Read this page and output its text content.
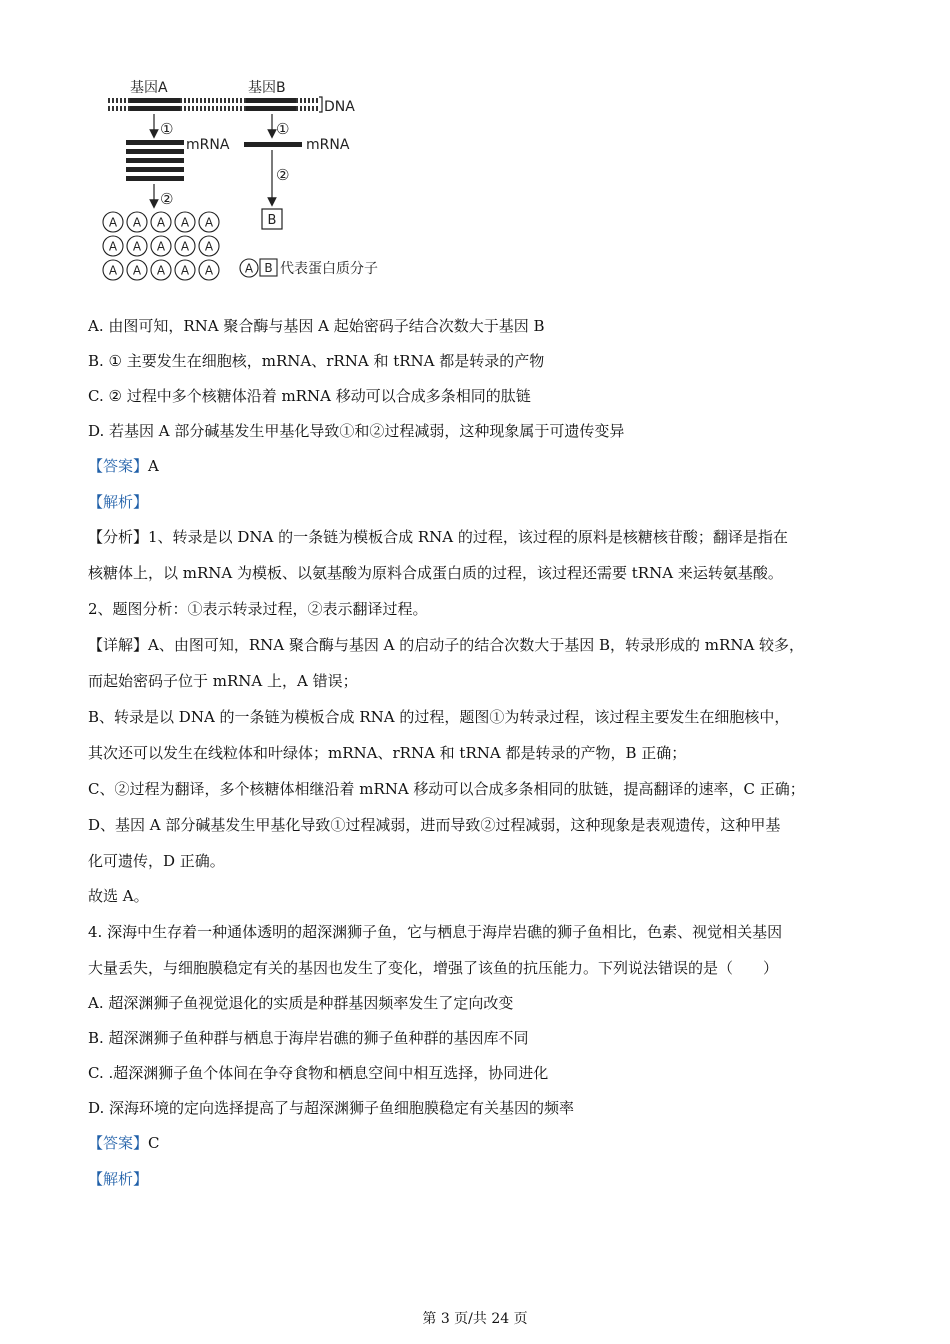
基因A	基因B
DNA
①
mRNA
②
A A A A A
A A A A A
A A A A A
①
mRNA
②
B
A B 代表蛋白质分子
A. 由图可知，RNA 聚合酶与基因 A 起始密码子结合次数大于基因 B
B. ① 主要发生在细胞核，mRNA、rRNA 和 tRNA 都是转录的产物
C. ② 过程中多个核糖体沿着 mRNA 移动可以合成多条相同的肽链
D. 若基因 A 部分碱基发生甲基化导致①和②过程减弱，这种现象属于可遗传变异
【答案】A
【解析】
【分析】1、转录是以 DNA 的一条链为模板合成 RNA 的过程，该过程的原料是核糖核苷酸；翻译是指在
核糖体上，以 mRNA 为模板、以氨基酸为原料合成蛋白质的过程，该过程还需要 tRNA 来运转氨基酸。
2、题图分析：①表示转录过程，②表示翻译过程。
【详解】A、由图可知，RNA 聚合酶与基因 A 的启动子的结合次数大于基因 B，转录形成的 mRNA 较多，
而起始密码子位于 mRNA 上，A 错误；
B、转录是以 DNA 的一条链为模板合成 RNA 的过程，题图①为转录过程，该过程主要发生在细胞核中，
其次还可以发生在线粒体和叶绿体；mRNA、rRNA 和 tRNA 都是转录的产物，B 正确；
C、②过程为翻译，多个核糖体相继沿着 mRNA 移动可以合成多条相同的肽链，提高翻译的速率，C 正确；
D、基因 A 部分碱基发生甲基化导致①过程减弱，进而导致②过程减弱，这种现象是表观遗传，这种甲基
化可遗传，D 正确。
故选 A。
4. 深海中生存着一种通体透明的超深渊狮子鱼，它与栖息于海岸岩礁的狮子鱼相比，色素、视觉相关基因
大量丢失，与细胞膜稳定有关的基因也发生了变化，增强了该鱼的抗压能力。下列说法错误的是（　　）
A. 超深渊狮子鱼视觉退化的实质是种群基因频率发生了定向改变
B. 超深渊狮子鱼种群与栖息于海岸岩礁的狮子鱼种群的基因库不同
C. .超深渊狮子鱼个体间在争夺食物和栖息空间中相互选择，协同进化
D. 深海环境的定向选择提高了与超深渊狮子鱼细胞膜稳定有关基因的频率
【答案】C
【解析】
第 3 页/共 24 页
